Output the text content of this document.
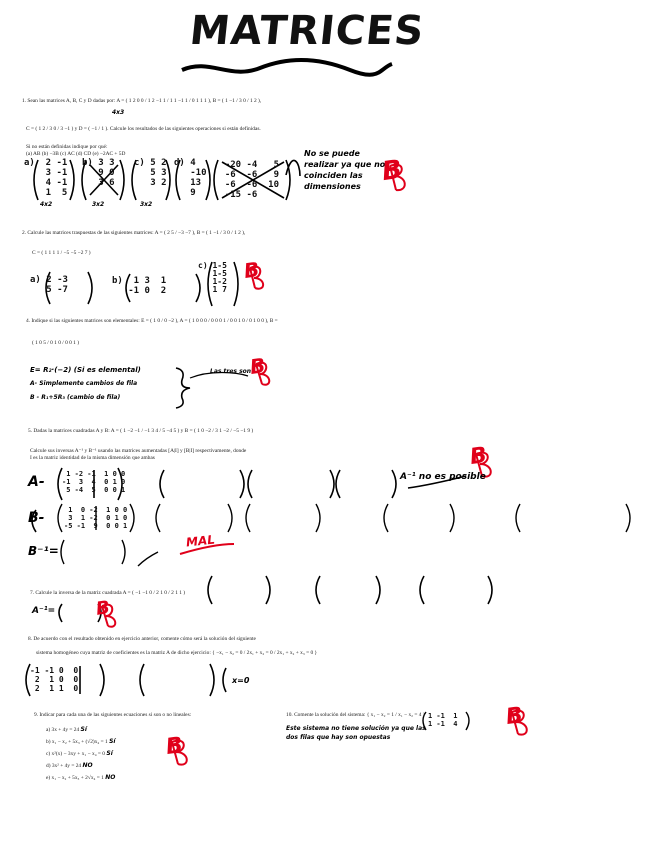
MATRICES
1. Sean las matrices A, B, C y D dadas por: A = ( 1 2 0 0 / 1 2 −1 1 / 1 1 −1 1 / 0 1 1 1 ), B = ( 1 −1 / 3 0 / 1 2 ),
C = ( 1 2 / 3 0 / 3 −1 ) y D = ( −1 / 1 ). Calcule los resultados de las siguientes operaciones si están definidas.
Si no están definidas indique por qué:
(a) AB (b) −3B (c) AC (d) CD (e) −2AC + 5D
4x3
4x2	3x2	3x2
a)  2 -1
3 -1
4 -1
1  5

b) 3 3
9 0
3 6

c) 5 2
5 3
3 2

d) 4
-10
13
9

-20 -4   5
-6  -6   9
-6  -6  10
-15 -6

No se puede realizar ya que no coinciden las dimensiones
2. Calcule las matrices traspuestas de las siguientes matrices: A = ( 2 5 / −3 −7 ), B = ( 1 −1 / 3 0 / 1 2 ),
C = ( 1 1 1 1 / −5 −5 −2 7 )
a) 2 -3
5 -7

b)  1 3  1
-1 0  2

c) 1-5
1-5
1-2
1 7

4. Indique si las siguientes matrices son elementales: E = ( 1 0 / 0 −2 ), A = ( 1 0 0 0 / 0 0 0 1 / 0 0 1 0 / 0 1 0 0 ), B =
( 1 0 5 / 0 1 0 / 0 0 1 )
E= R₂·(−2) (Si es elemental)
A- Simplemente cambios de fila
B - R₁+5R₃ (cambio de fila)
Las tres son
5. Dadas la matrices cuadradas A y B: A = ( 1 −2 −1 / −1 3 4 / 5 −4 5 ) y B = ( 1 0 −2 / 3 1 −2 / −5 −1 9 )
Calcule sus inversas A⁻¹ y B⁻¹ usando las matrices aumentadas [A|I] y [B|I] respectivamente, donde
I es la matriz identidad de la misma dimensión que ambas
A-	1 -2 -1  1 0 0
-1  3  4  0 1 0
5 -4  5  0 0 1
A⁻¹ no es posible
B-	1  0 -2  1 0 0
3  1 -2  0 1 0
-5 -1  9  0 0 1
B⁻¹=
MAL
7. Calcule la inversa de la matriz cuadrada A = ( −1 −1 0 / 2 1 0 / 2 1 1 )
A⁻¹=
8. De acuerdo con el resultado obtenido en ejercicio anterior, comente cómo será la solución del siguiente
sistema homogéneo cuya matriz de coeficientes es la matriz A de dicho ejercicio: { −x₁ − x₂ = 0 / 2x₁ + x₂ = 0 / 2x₁ + x₂ + x₃ = 0 }
-1 -1 0  0
2  1 0  0
2  1 1  0
x=0
9. Indicar para cada una de las siguientes ecuaciones si son o no lineales:
a) 3x + 4y = 24 Sí
b) x₁ − x₂ + 5x₃ + (√2)x₄ = 1 Sí
c) x²(x) − 3xy + x₁ − x₄ = 0 Sí
d) 3x² + 4y = 24 NO
e) x₁ − x₂ + 5x₃ + 2√x₄ = 1 NO
10. Comente la solución del sistema: { x₁ − x₂ = 1 / x₁ − x₂ = 4 } 1 -1  1
1 -1  4
Este sistema no tiene solución ya que las dos filas que hay son opuestas
B
B
B
B
B
B
B
